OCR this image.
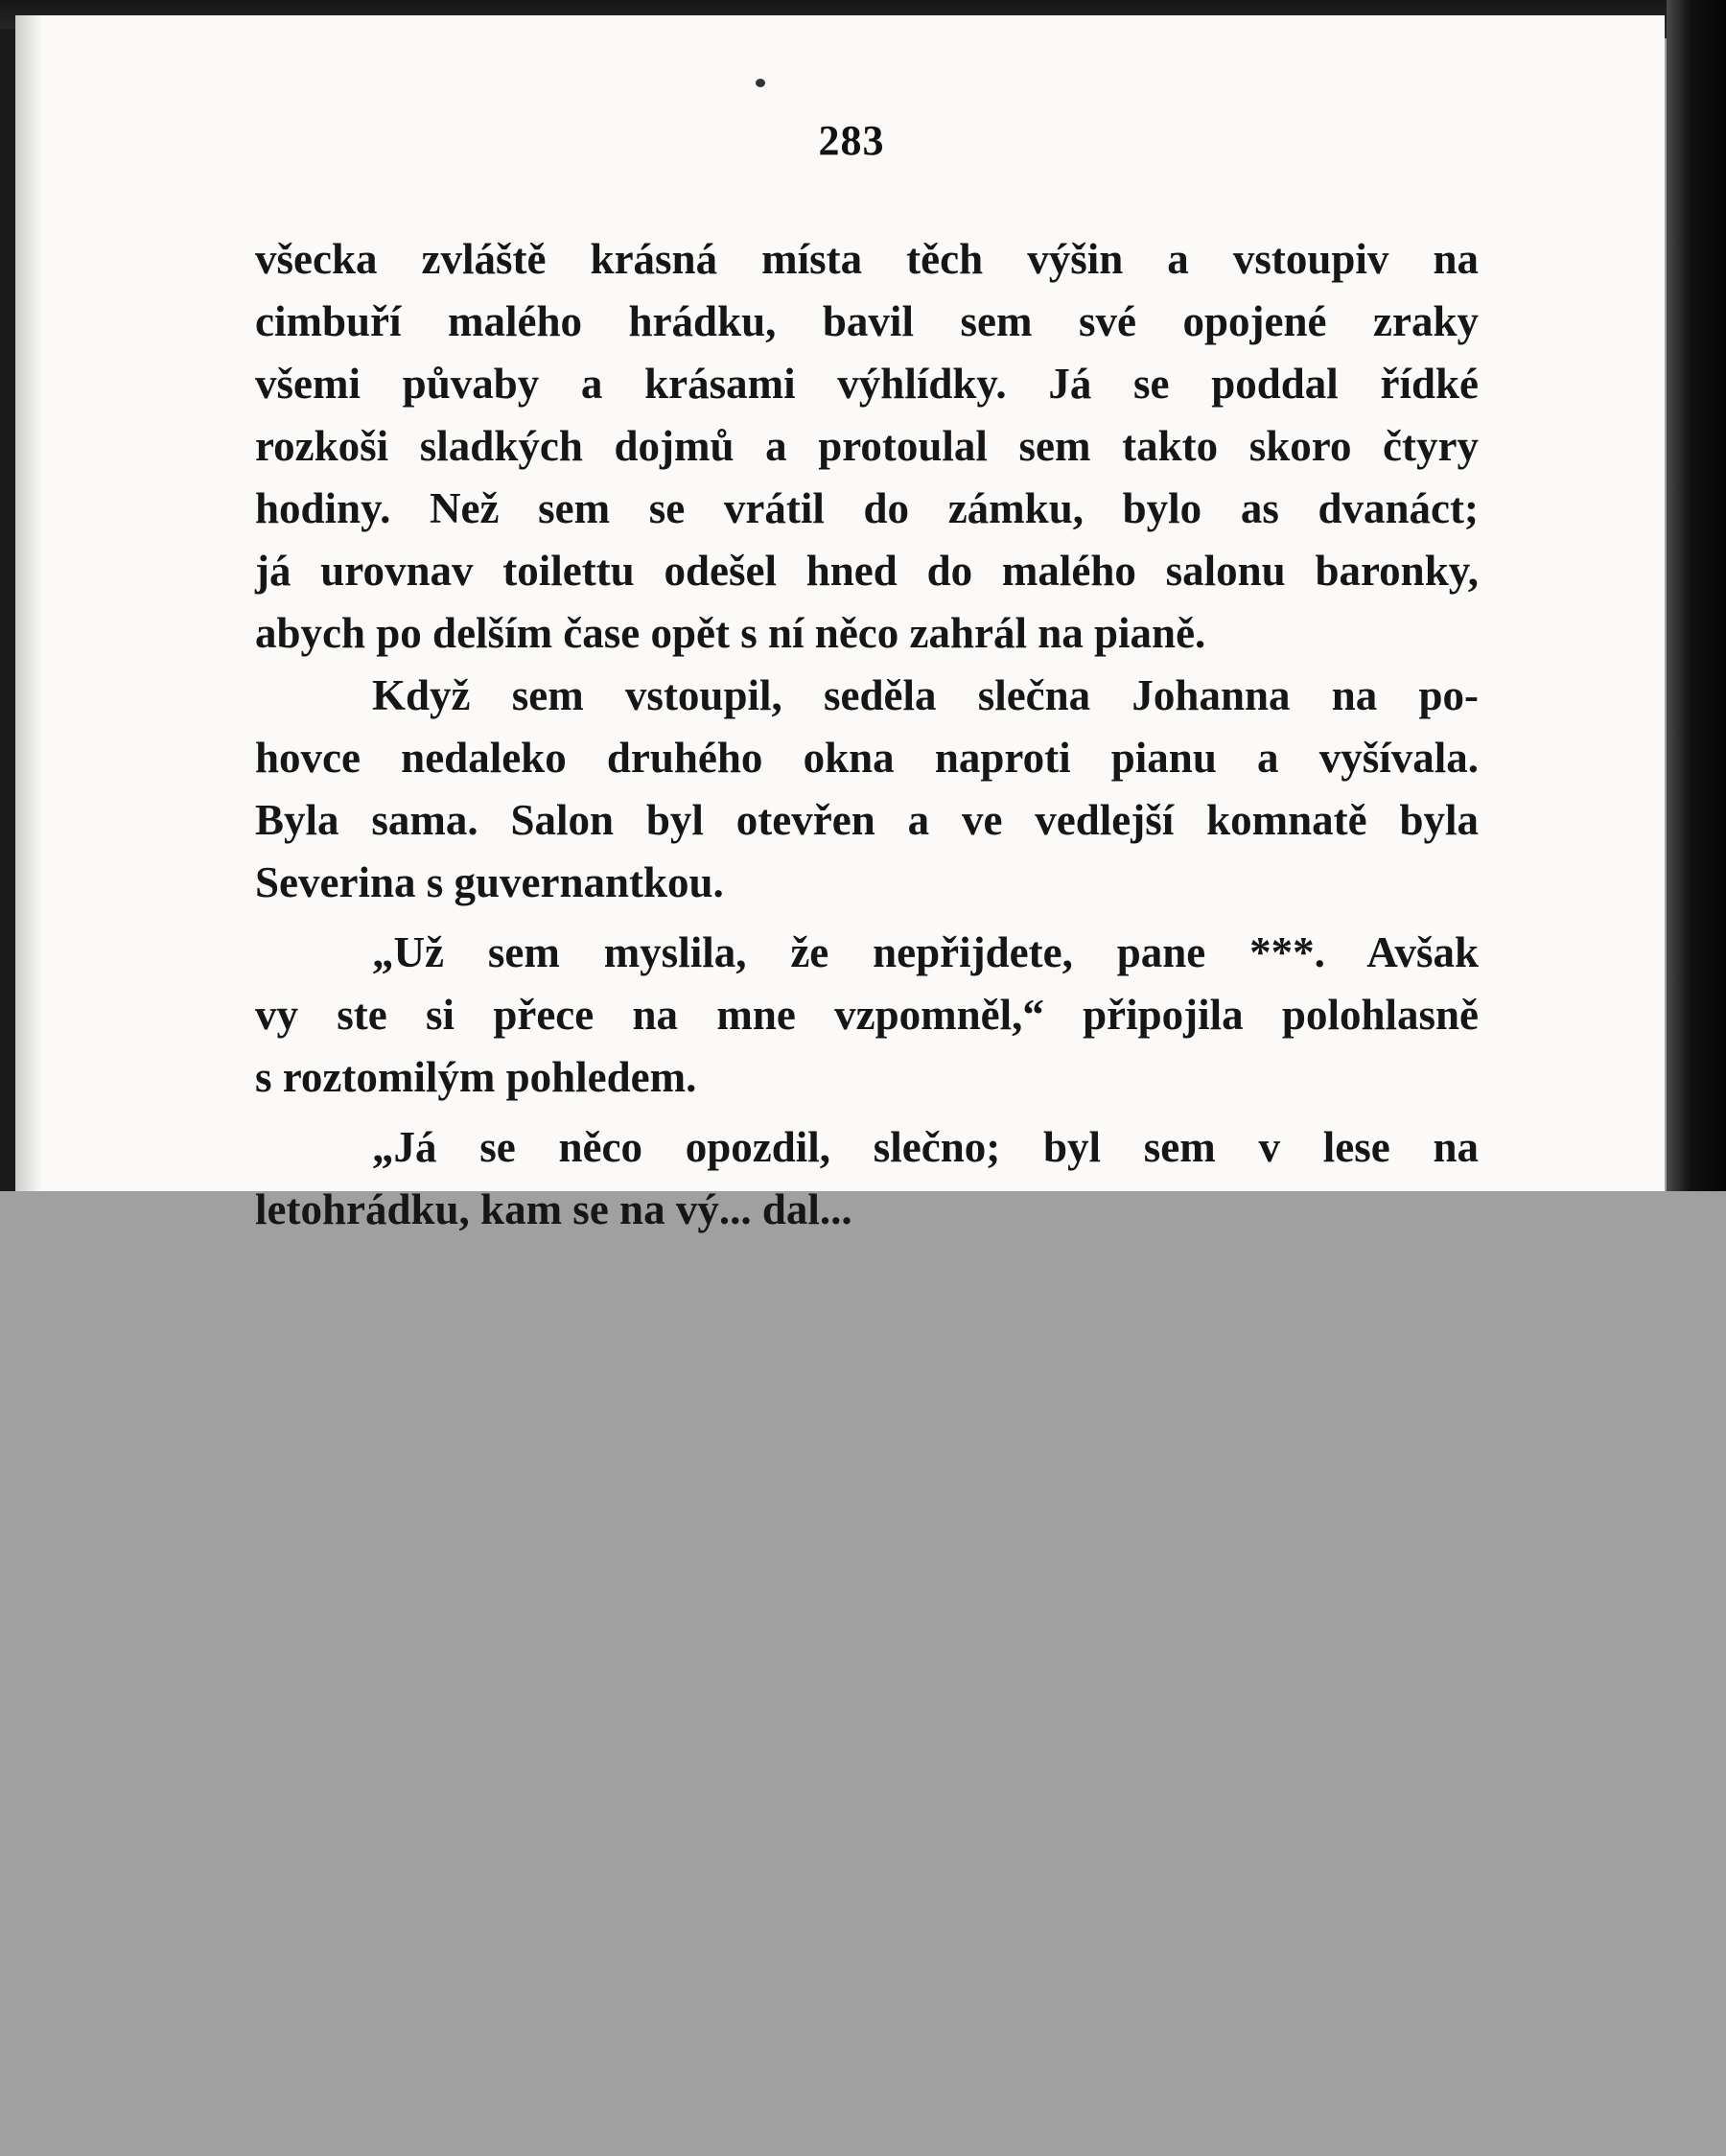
283
všecka zvláště krásná místa těch výšin a vstoupiv na
cimbuří malého hrádku, bavil sem své opojené zraky
všemi půvaby a krásami výhlídky. Já se poddal řídké
rozkoši sladkých dojmů a protoulal sem takto skoro čtyry
hodiny. Než sem se vrátil do zámku, bylo as dvanáct;
já urovnav toilettu odešel hned do malého salonu baronky,
abych po delším čase opět s ní něco zahrál na pianě.
Když sem vstoupil, seděla slečna Johanna na po-
hovce nedaleko druhého okna naproti pianu a vyšívala.
Byla sama. Salon byl otevřen a ve vedlejší komnatě byla
Severina s guvernantkou.
„Už sem myslila, že nepřijdete, pane ***. Avšak
vy ste si přece na mne vzpomněl,“ připojila polohlasně
s roztomilým pohledem.
„Já se něco opozdil, slečno; byl sem v lese na
letohrádku, kam se na vý... dal...
